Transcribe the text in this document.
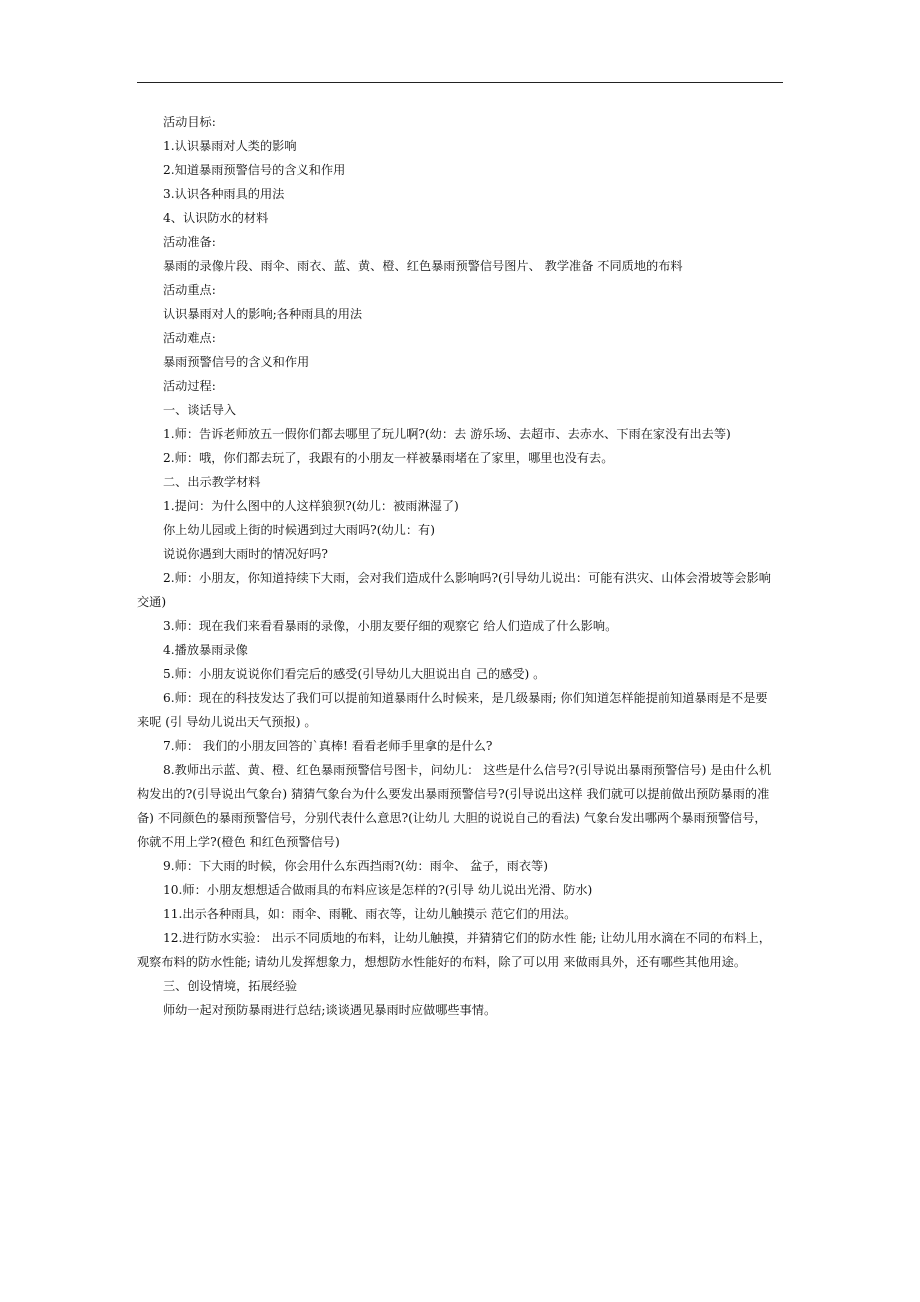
活动目标:
1.认识暴雨对人类的影响
2.知道暴雨预警信号的含义和作用
3.认识各种雨具的用法
4、认识防水的材料
活动准备:
暴雨的录像片段、雨伞、雨衣、蓝、黄、橙、红色暴雨预警信号图片、 教学准备 不同质地的布料
活动重点:
认识暴雨对人的影响;各种雨具的用法
活动难点:
暴雨预警信号的含义和作用
活动过程:
一、谈话导入
1.师：告诉老师放五一假你们都去哪里了玩儿啊?(幼：去 游乐场、去超市、去赤水、下雨在家没有出去等)
2.师：哦，你们都去玩了，我跟有的小朋友一样被暴雨堵在了家里，哪里也没有去。
二、出示教学材料
1.提问：为什么图中的人这样狼狈?(幼儿：被雨淋湿了)
你上幼儿园或上街的时候遇到过大雨吗?(幼儿：有)
说说你遇到大雨时的情况好吗?
2.师：小朋友，你知道持续下大雨，会对我们造成什么影响吗?(引导幼儿说出：可能有洪灾、山体会滑坡等会影响
交通)
3.师：现在我们来看看暴雨的录像，小朋友要仔细的观察它 给人们造成了什么影响。
4.播放暴雨录像
5.师：小朋友说说你们看完后的感受(引导幼儿大胆说出自 己的感受) 。
6.师：现在的科技发达了我们可以提前知道暴雨什么时候来，是几级暴雨; 你们知道怎样能提前知道暴雨是不是要
来呢 (引 导幼儿说出天气预报) 。
7.师： 我们的小朋友回答的`真棒! 看看老师手里拿的是什么?
8.教师出示蓝、黄、橙、红色暴雨预警信号图卡，问幼儿： 这些是什么信号?(引导说出暴雨预警信号) 是由什么机
构发出的?(引导说出气象台) 猜猜气象台为什么要发出暴雨预警信号?(引导说出这样 我们就可以提前做出预防暴雨的准
备) 不同颜色的暴雨预警信号，分别代表什么意思?(让幼儿 大胆的说说自己的看法) 气象台发出哪两个暴雨预警信号，
你就不用上学?(橙色 和红色预警信号)
9.师：下大雨的时候，你会用什么东西挡雨?(幼：雨伞、 盆子，雨衣等)
10.师：小朋友想想适合做雨具的布料应该是怎样的?(引导 幼儿说出光滑、防水)
11.出示各种雨具，如：雨伞、雨靴、雨衣等，让幼儿触摸示 范它们的用法。
12.进行防水实验： 出示不同质地的布料，让幼儿触摸，并猜猜它们的防水性 能; 让幼儿用水滴在不同的布料上，
观察布料的防水性能; 请幼儿发挥想象力，想想防水性能好的布料，除了可以用 来做雨具外，还有哪些其他用途。
三、创设情境，拓展经验
师幼一起对预防暴雨进行总结;谈谈遇见暴雨时应做哪些事情。
